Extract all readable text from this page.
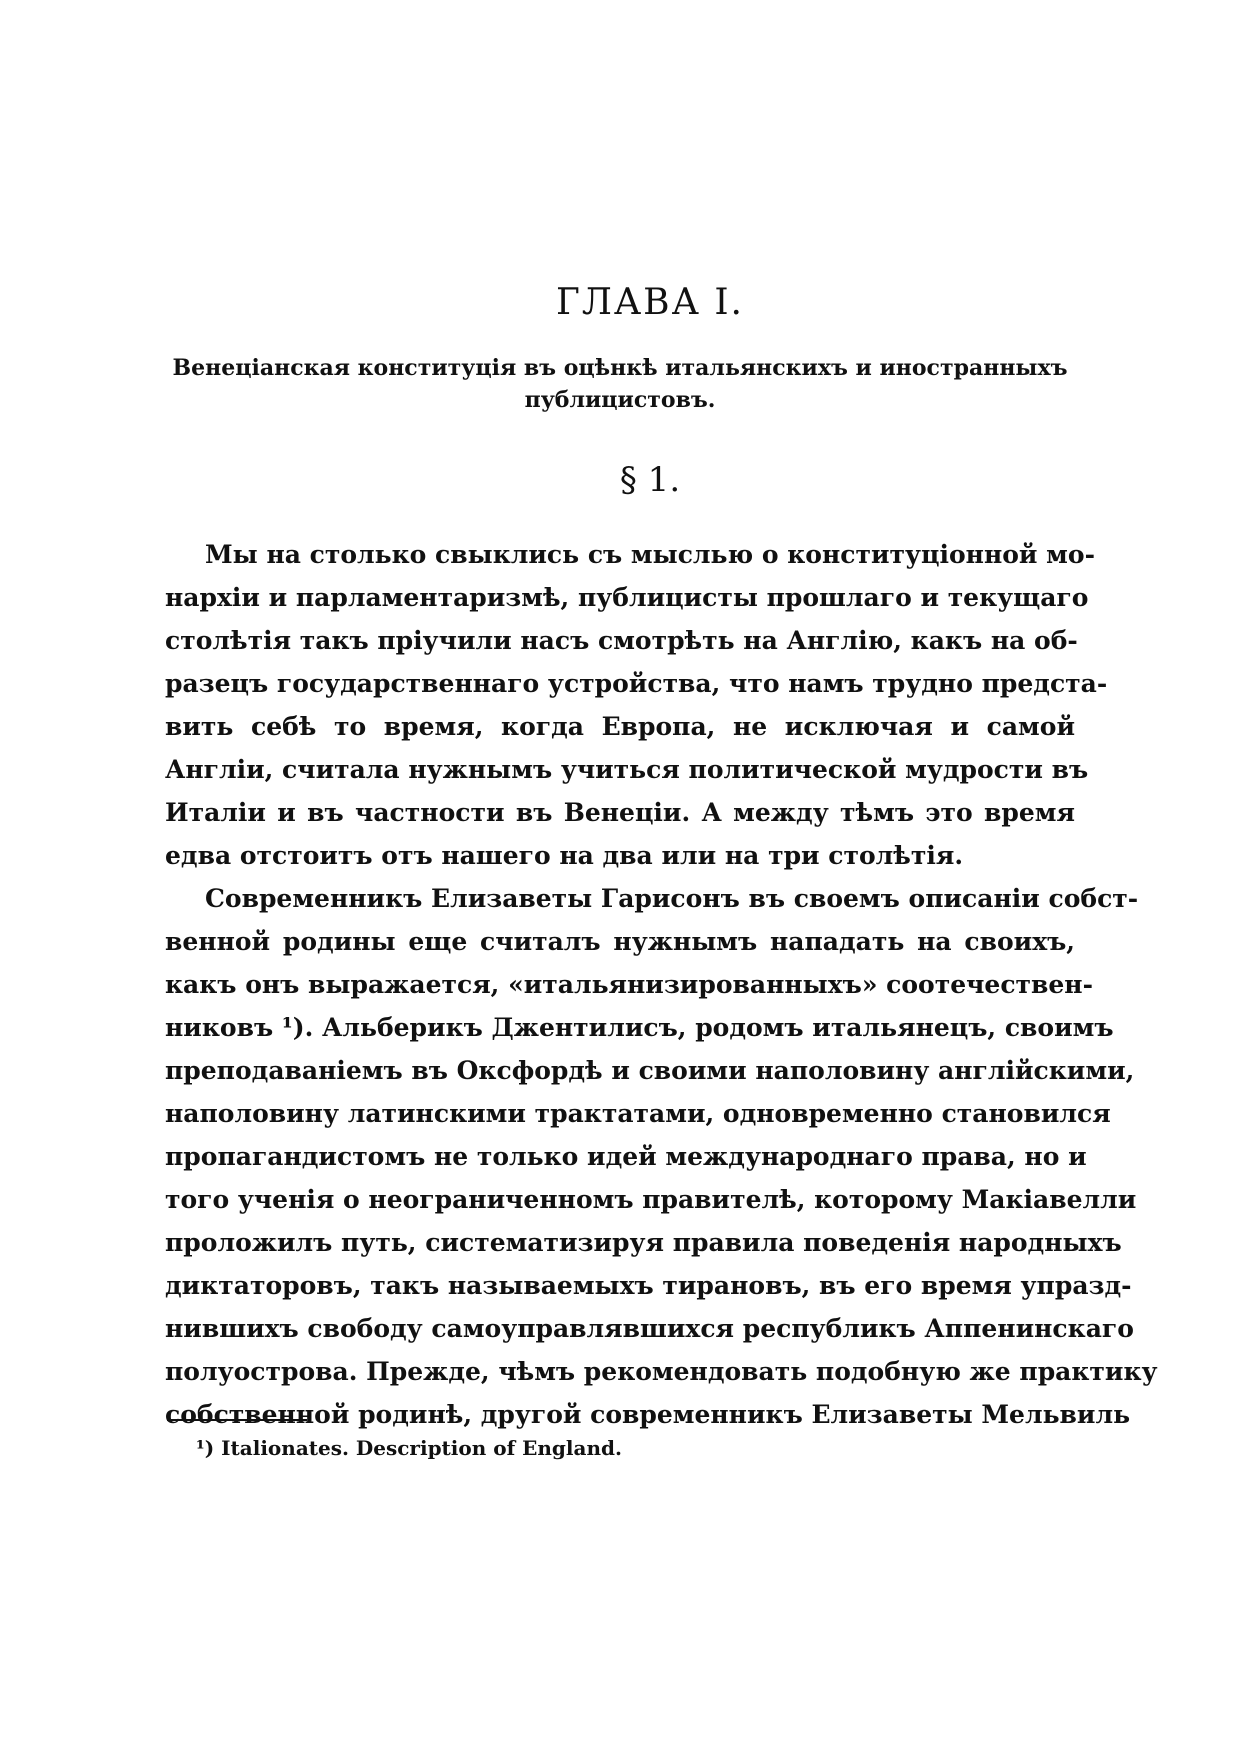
ГЛАВА I.
Венеціанская конституція въ оцѣнкѣ итальянскихъ и иностранныхъ
публицистовъ.
§ 1.
Мы на столько свыклись съ мыслью о конституціонной мо-
нархіи и парламентаризмѣ, публицисты прошлаго и текущаго
столѣтія такъ пріучили насъ смотрѣть на Англію, какъ на об-
разецъ государственнаго устройства, что намъ трудно предста-
вить себѣ то время, когда Европа, не исключая и самой
Англіи, считала нужнымъ учиться политической мудрости въ
Италіи и въ частности въ Венеціи. А между тѣмъ это время
едва отстоитъ отъ нашего на два или на три столѣтія.
Современникъ Елизаветы Гарисонъ въ своемъ описаніи собст-
венной родины еще считалъ нужнымъ нападать на своихъ,
какъ онъ выражается, «итальянизированныхъ» соотечествен-
никовъ ¹). Альберикъ Джентилисъ, родомъ итальянецъ, своимъ
преподаваніемъ въ Оксфордѣ и своими наполовину англійскими,
наполовину латинскими трактатами, одновременно становился
пропагандистомъ не только идей международнаго права, но и
того ученія о неограниченномъ правителѣ, которому Макіавелли
проложилъ путь, систематизируя правила поведенія народныхъ
диктаторовъ, такъ называемыхъ тирановъ, въ его время упразд-
нившихъ свободу самоуправлявшихся республикъ Аппенинскаго
полуострова. Прежде, чѣмъ рекомендовать подобную же практику
собственной родинѣ, другой современникъ Елизаветы Мельвиль

¹) Italionates. Description of England.
